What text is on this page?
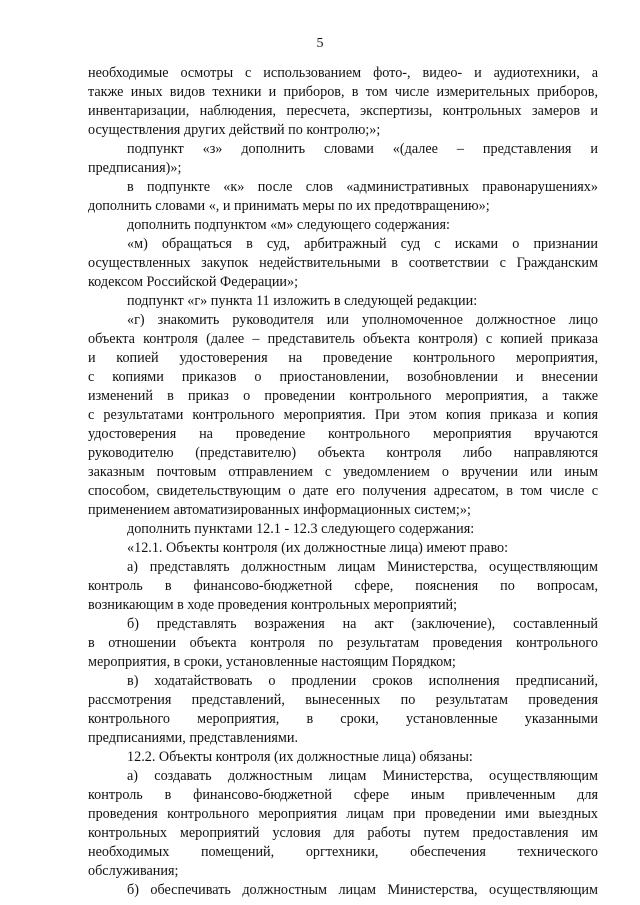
5
необходимые осмотры с использованием фото-, видео- и аудиотехники, а
также иных видов техники и приборов, в том числе измерительных приборов,
инвентаризации, наблюдения, пересчета, экспертизы, контрольных замеров и
осуществления других действий по контролю;»;
подпункт «з» дополнить словами «(далее – представления и
предписания)»;
в подпункте «к» после слов «административных правонарушениях»
дополнить словами «, и принимать меры по их предотвращению»;
дополнить подпунктом «м» следующего содержания:
«м) обращаться в суд, арбитражный суд с исками о признании
осуществленных закупок недействительными в соответствии с Гражданским
кодексом Российской Федерации»;
подпункт «г» пункта 11 изложить в следующей редакции:
«г) знакомить руководителя или уполномоченное должностное лицо
объекта контроля (далее – представитель объекта контроля) с копией приказа
и копией удостоверения на проведение контрольного мероприятия,
с копиями приказов о приостановлении, возобновлении и внесении
изменений в приказ о проведении контрольного мероприятия, а также
с результатами контрольного мероприятия. При этом копия приказа и копия
удостоверения на проведение контрольного мероприятия вручаются
руководителю (представителю) объекта контроля либо направляются
заказным почтовым отправлением с уведомлением о вручении или иным
способом, свидетельствующим о дате его получения адресатом, в том числе с
применением автоматизированных информационных систем;»;
дополнить пунктами 12.1 - 12.3 следующего содержания:
«12.1. Объекты контроля (их должностные лица) имеют право:
а) представлять должностным лицам Министерства, осуществляющим
контроль в финансово-бюджетной сфере, пояснения по вопросам,
возникающим в ходе проведения контрольных мероприятий;
б) представлять возражения на акт (заключение), составленный
в отношении объекта контроля по результатам проведения контрольного
мероприятия, в сроки, установленные настоящим Порядком;
в) ходатайствовать о продлении сроков исполнения предписаний,
рассмотрения представлений, вынесенных по результатам проведения
контрольного мероприятия, в сроки, установленные указанными
предписаниями, представлениями.
12.2. Объекты контроля (их должностные лица) обязаны:
а) создавать должностным лицам Министерства, осуществляющим
контроль в финансово-бюджетной сфере иным привлеченным для
проведения контрольного мероприятия лицам при проведении ими выездных
контрольных мероприятий условия для работы путем предоставления им
необходимых помещений, оргтехники, обеспечения технического
обслуживания;
б) обеспечивать должностным лицам Министерства, осуществляющим
